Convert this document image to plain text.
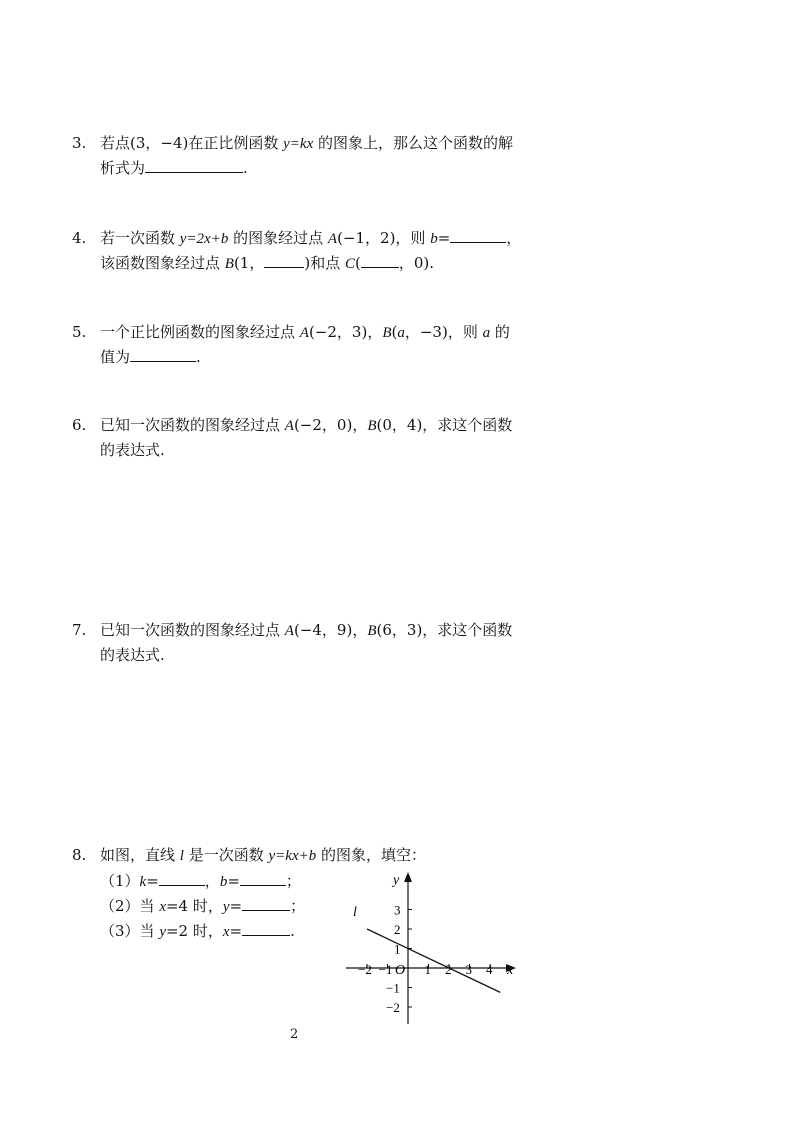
3. 若点(3，−4)在正比例函数 y=kx 的图象上，那么这个函数的解
析式为	.
4. 若一次函数 y=2x+b 的图象经过点 A(−1，2)，则 b=	，
该函数图象经过点 B(1，	)和点 C(	，0).
5. 一个正比例函数的图象经过点 A(−2，3)，B(a，−3)，则 a 的
值为	.
6. 已知一次函数的图象经过点 A(−2，0)，B(0，4)，求这个函数
的表达式.
7. 已知一次函数的图象经过点 A(−4，9)，B(6，3)，求这个函数
的表达式.
8. 如图，直线 l 是一次函数 y=kx+b 的图象，填空：
（1）k=	，b=	；
（2）当 x=4 时，y=	；
（3）当 y=2 时，x=	.
y
x
O
l
−2 −1 1 2 3 4
3
2
1
−1
−2
2
